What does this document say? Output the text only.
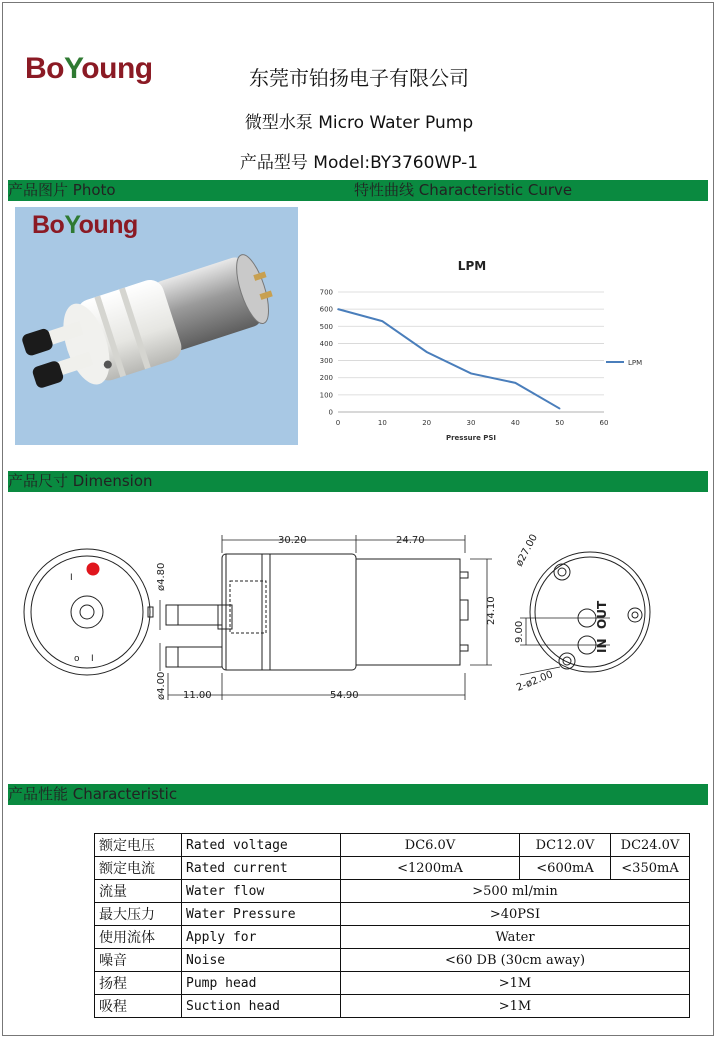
BoYoung	东莞市铂扬电子有限公司
微型水泵 Micro Water Pump
产品型号 Model:BY3760WP-1
产品图片 Photo	特性曲线 Characteristic Curve
BoYoung
LPM
0
100
200
300
400
500
600
700
0	10	20	30	40	50	60
Pressure PSI
LPM
产品尺寸 Dimension
I
I
o
30.20	24.70
ø4.80
24.10
ø4.00 11.00	54.90
ø27.00
9.00
2-ø2.00
OUT
IN
产品性能 Characteristic
额定电压	Rated voltage	DC6.0V	DC12.0V	DC24.0V
额定电流	Rated current	<1200mA	<600mA	<350mA
流量	Water flow	>500 ml/min		
最大压力	Water Pressure	>40PSI		
使用流体	Apply for	Water		
噪音	Noise	<60 DB (30cm away)		
扬程	Pump head	>1M		
吸程	Suction head	>1M		
